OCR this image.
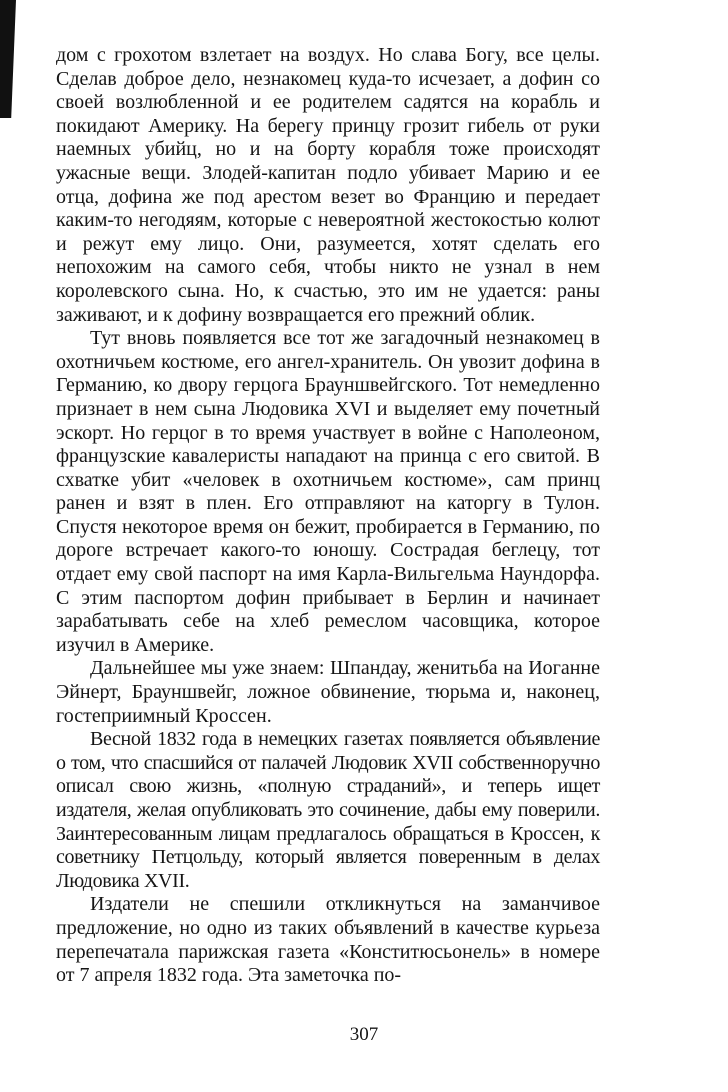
дом с грохотом взлетает на воздух. Но слава Богу, все целы. Сделав доброе дело, незнакомец куда-то исчезает, а дофин со своей возлюбленной и ее родителем садятся на корабль и покидают Америку. На берегу принцу грозит гибель от руки наемных убийц, но и на борту корабля тоже происходят ужасные вещи. Злодей-капитан подло убивает Марию и ее отца, дофина же под арестом везет во Францию и передает каким-то негодяям, которые с невероятной жестокостью колют и режут ему лицо. Они, разумеется, хотят сделать его непохожим на самого себя, чтобы никто не узнал в нем королевского сына. Но, к счастью, это им не удается: раны заживают, и к дофину возвращается его прежний облик.

Тут вновь появляется все тот же загадочный незнакомец в охотничьем костюме, его ангел-хранитель. Он увозит дофина в Германию, ко двору герцога Брауншвейгского. Тот немедленно признает в нем сына Людовика XVI и выделяет ему почетный эскорт. Но герцог в то время участвует в войне с Наполеоном, французские кавалеристы нападают на принца с его свитой. В схватке убит «человек в охотничьем костюме», сам принц ранен и взят в плен. Его отправляют на каторгу в Тулон. Спустя некоторое время он бежит, пробирается в Германию, по дороге встречает какого-то юношу. Сострадая беглецу, тот отдает ему свой паспорт на имя Карла-Вильгельма Наундорфа. С этим паспортом дофин прибывает в Берлин и начинает зарабатывать себе на хлеб ремеслом часовщика, которое изучил в Америке.

Дальнейшее мы уже знаем: Шпандау, женитьба на Иоганне Эйнерт, Брауншвейг, ложное обвинение, тюрьма и, наконец, гостеприимный Кроссен.

Весной 1832 года в немецких газетах появляется объявление о том, что спасшийся от палачей Людовик XVII собственноручно описал свою жизнь, «полную страданий», и теперь ищет издателя, желая опубликовать это сочинение, дабы ему поверили. Заинтересованным лицам предлагалось обращаться в Кроссен, к советнику Петцольду, который является поверенным в делах Людовика XVII.

Издатели не спешили откликнуться на заманчивое предложение, но одно из таких объявлений в качестве курьеза перепечатала парижская газета «Конститюсьонель» в номере от 7 апреля 1832 года. Эта заметочка по-

307
